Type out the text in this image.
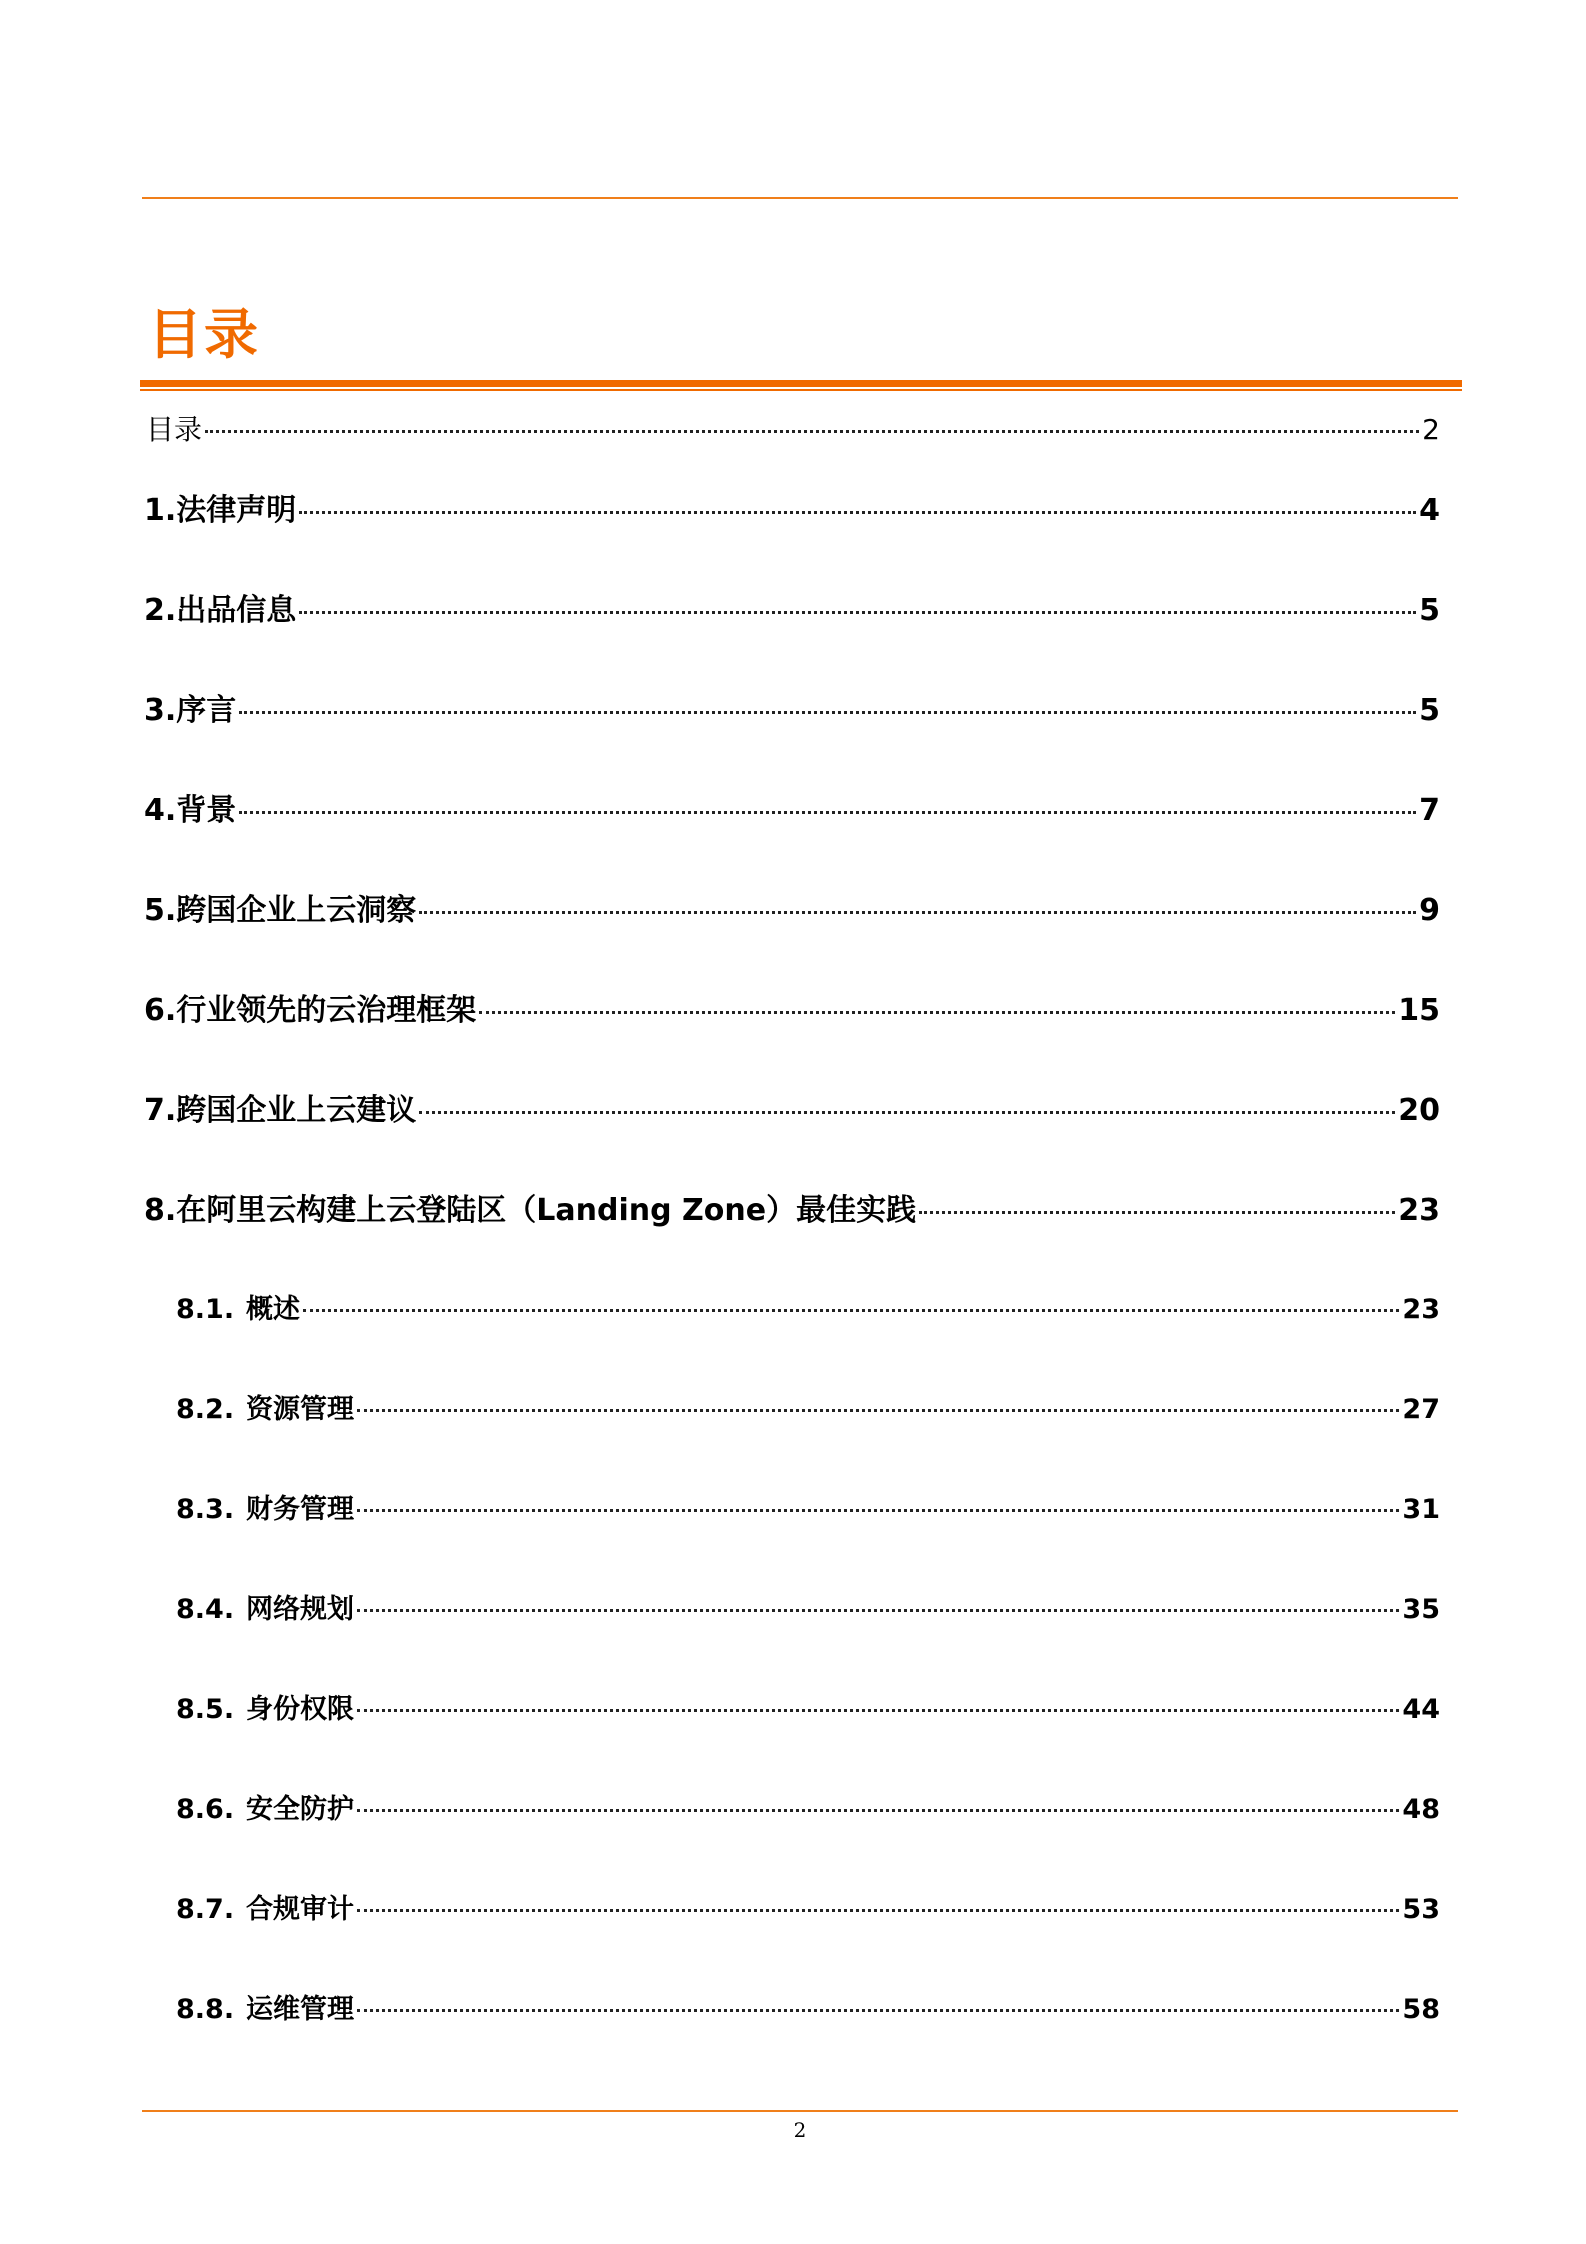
目录
目录	2
1.法律声明	4
2.出品信息	5
3.序言	5
4.背景	7
5.跨国企业上云洞察	9
6.行业领先的云治理框架	15
7.跨国企业上云建议	20
8.在阿里云构建上云登陆区（Landing Zone）最佳实践	23
8.1. 概述	23
8.2. 资源管理	27
8.3. 财务管理	31
8.4. 网络规划	35
8.5. 身份权限	44
8.6. 安全防护	48
8.7. 合规审计	53
8.8. 运维管理	58
2
